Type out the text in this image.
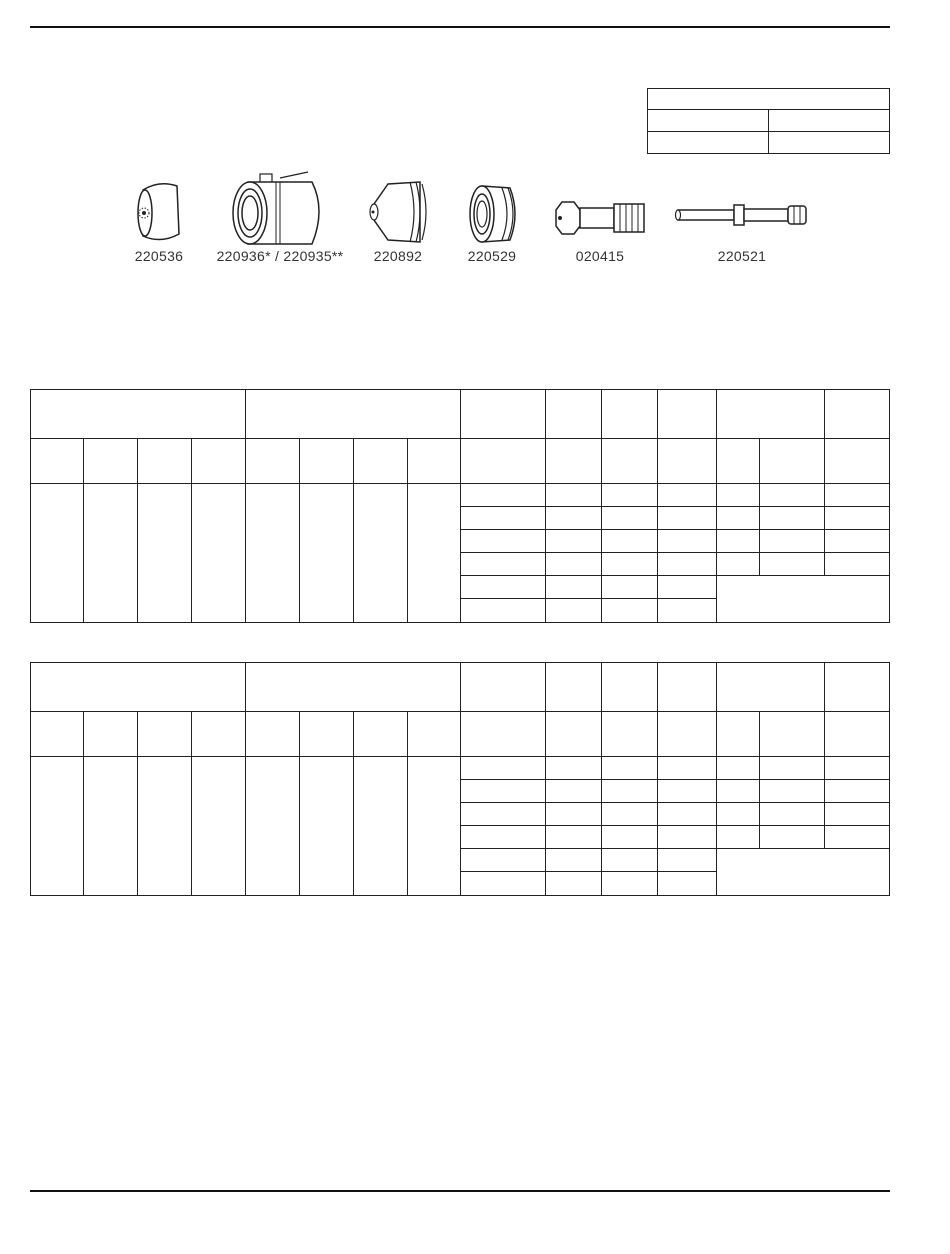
220536	220936* / 220935**	220892	220529	020415	220521
